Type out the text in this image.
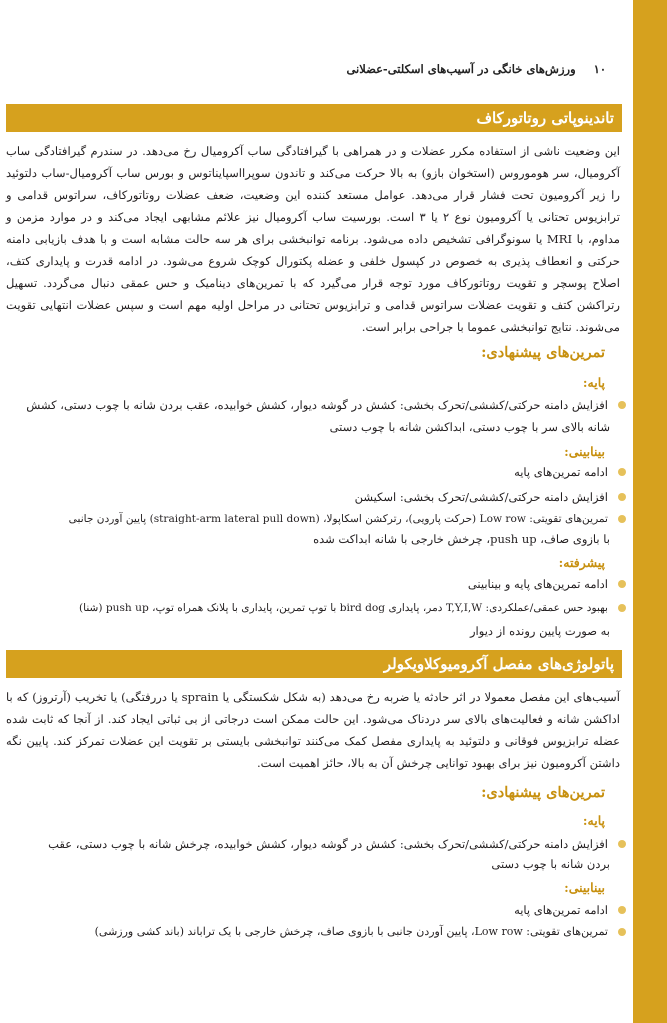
۱۰ ورزش‌های خانگی در آسیب‌های اسکلتی-عضلانی
تاندینوپاتی روتاتورکاف

این وضعیت ناشی از استفاده مکرر عضلات و در همراهی با گیرافتادگی ساب آکرومیال رخ می‌دهد. در سندرم گیرافتادگی ساب آکرومیال، سر هوموروس (استخوان بازو) به بالا حرکت می‌کند و تاندون سوپرااسپایناتوس و بورس ساب آکرومیال-ساب دلتوئید را زیر آکرومیون تحت فشار قرار می‌دهد. عوامل مستعد کننده این وضعیت، ضعف عضلات روتاتورکاف، سراتوس قدامی و ترابزیوس تحتانی یا آکرومیون نوع ۲ یا ۳ است. بورسیت ساب آکرومیال نیز علائم مشابهی ایجاد می‌کند و در موارد مزمن و مداوم، با MRI یا سونوگرافی تشخیص داده می‌شود. برنامه توانبخشی برای هر سه حالت مشابه است و با هدف بازیابی دامنه حرکتی و انعطاف پذیری به خصوص در کپسول خلفی و عضله پکتورال کوچک شروع می‌شود. در ادامه قدرت و پایداری کتف، اصلاح پوسچر و تقویت روتاتورکاف مورد توجه قرار می‌گیرد که با تمرین‌های دینامیک و حس عمقی دنبال می‌گردد. تسهیل رتراکشن کتف و تقویت عضلات سراتوس قدامی و ترابزیوس تحتانی در مراحل اولیه مهم است و سپس عضلات انتهایی تقویت می‌شوند. نتایج توانبخشی عموما با جراحی برابر است.

تمرین‌های پیشنهادی:

پایه:

افزایش دامنه حرکتی/کششی/تحرک بخشی: کشش در گوشه دیوار، کشش خوابیده، عقب بردن شانه با چوب دستی، کشش
شانه بالای سر با چوب دستی، ابداکشن شانه با چوب دستی

بینابینی:

ادامه تمرین‌های پایه
افزایش دامنه حرکتی/کششی/تحرک بخشی: اسکیشن
تمرین‌های تقویتی: Low row (حرکت پارویی)، رترکشن اسکاپولا، (straight-arm lateral pull down) پایین آوردن جانبی
با بازوی صاف، push up، چرخش خارجی با شانه ابداکت شده

پیشرفته:

ادامه تمرین‌های پایه و بینابینی
بهبود حس عمقی/عملکردی: T,Y,I,W دمر، پایداری bird dog با توپ تمرین، پایداری با پلانک همراه توپ، push up (شنا)
به صورت پایین رونده از دیوار
پاتولوژی‌های مفصل آکرومیوکلاویکولر

آسیب‌های این مفصل معمولا در اثر حادثه یا ضربه رخ می‌دهد (به شکل شکستگی یا sprain یا دررفتگی) یا تخریب (آرتروز) که با اداکشن شانه و فعالیت‌های بالای سر دردناک می‌شود. این حالت ممکن است درجاتی از بی ثباتی ایجاد کند. از آنجا که ثابت شده عضله ترابزیوس فوقانی و دلتوئید به پایداری مفصل کمک می‌کنند توانبخشی بایستی بر تقویت این عضلات تمرکز کند. پایین نگه داشتن آکرومیون نیز برای بهبود توانایی چرخش آن به بالا، حائز اهمیت است.

تمرین‌های پیشنهادی:

پایه:

افزایش دامنه حرکتی/کششی/تحرک بخشی: کشش در گوشه دیوار، کشش خوابیده، چرخش شانه با چوب دستی، عقب
بردن شانه با چوب دستی

بینابینی:

ادامه تمرین‌های پایه
تمرین‌های تقویتی: Low row، پایین آوردن جانبی با بازوی صاف، چرخش خارجی با یک تراباند (باند کشی ورزشی)
